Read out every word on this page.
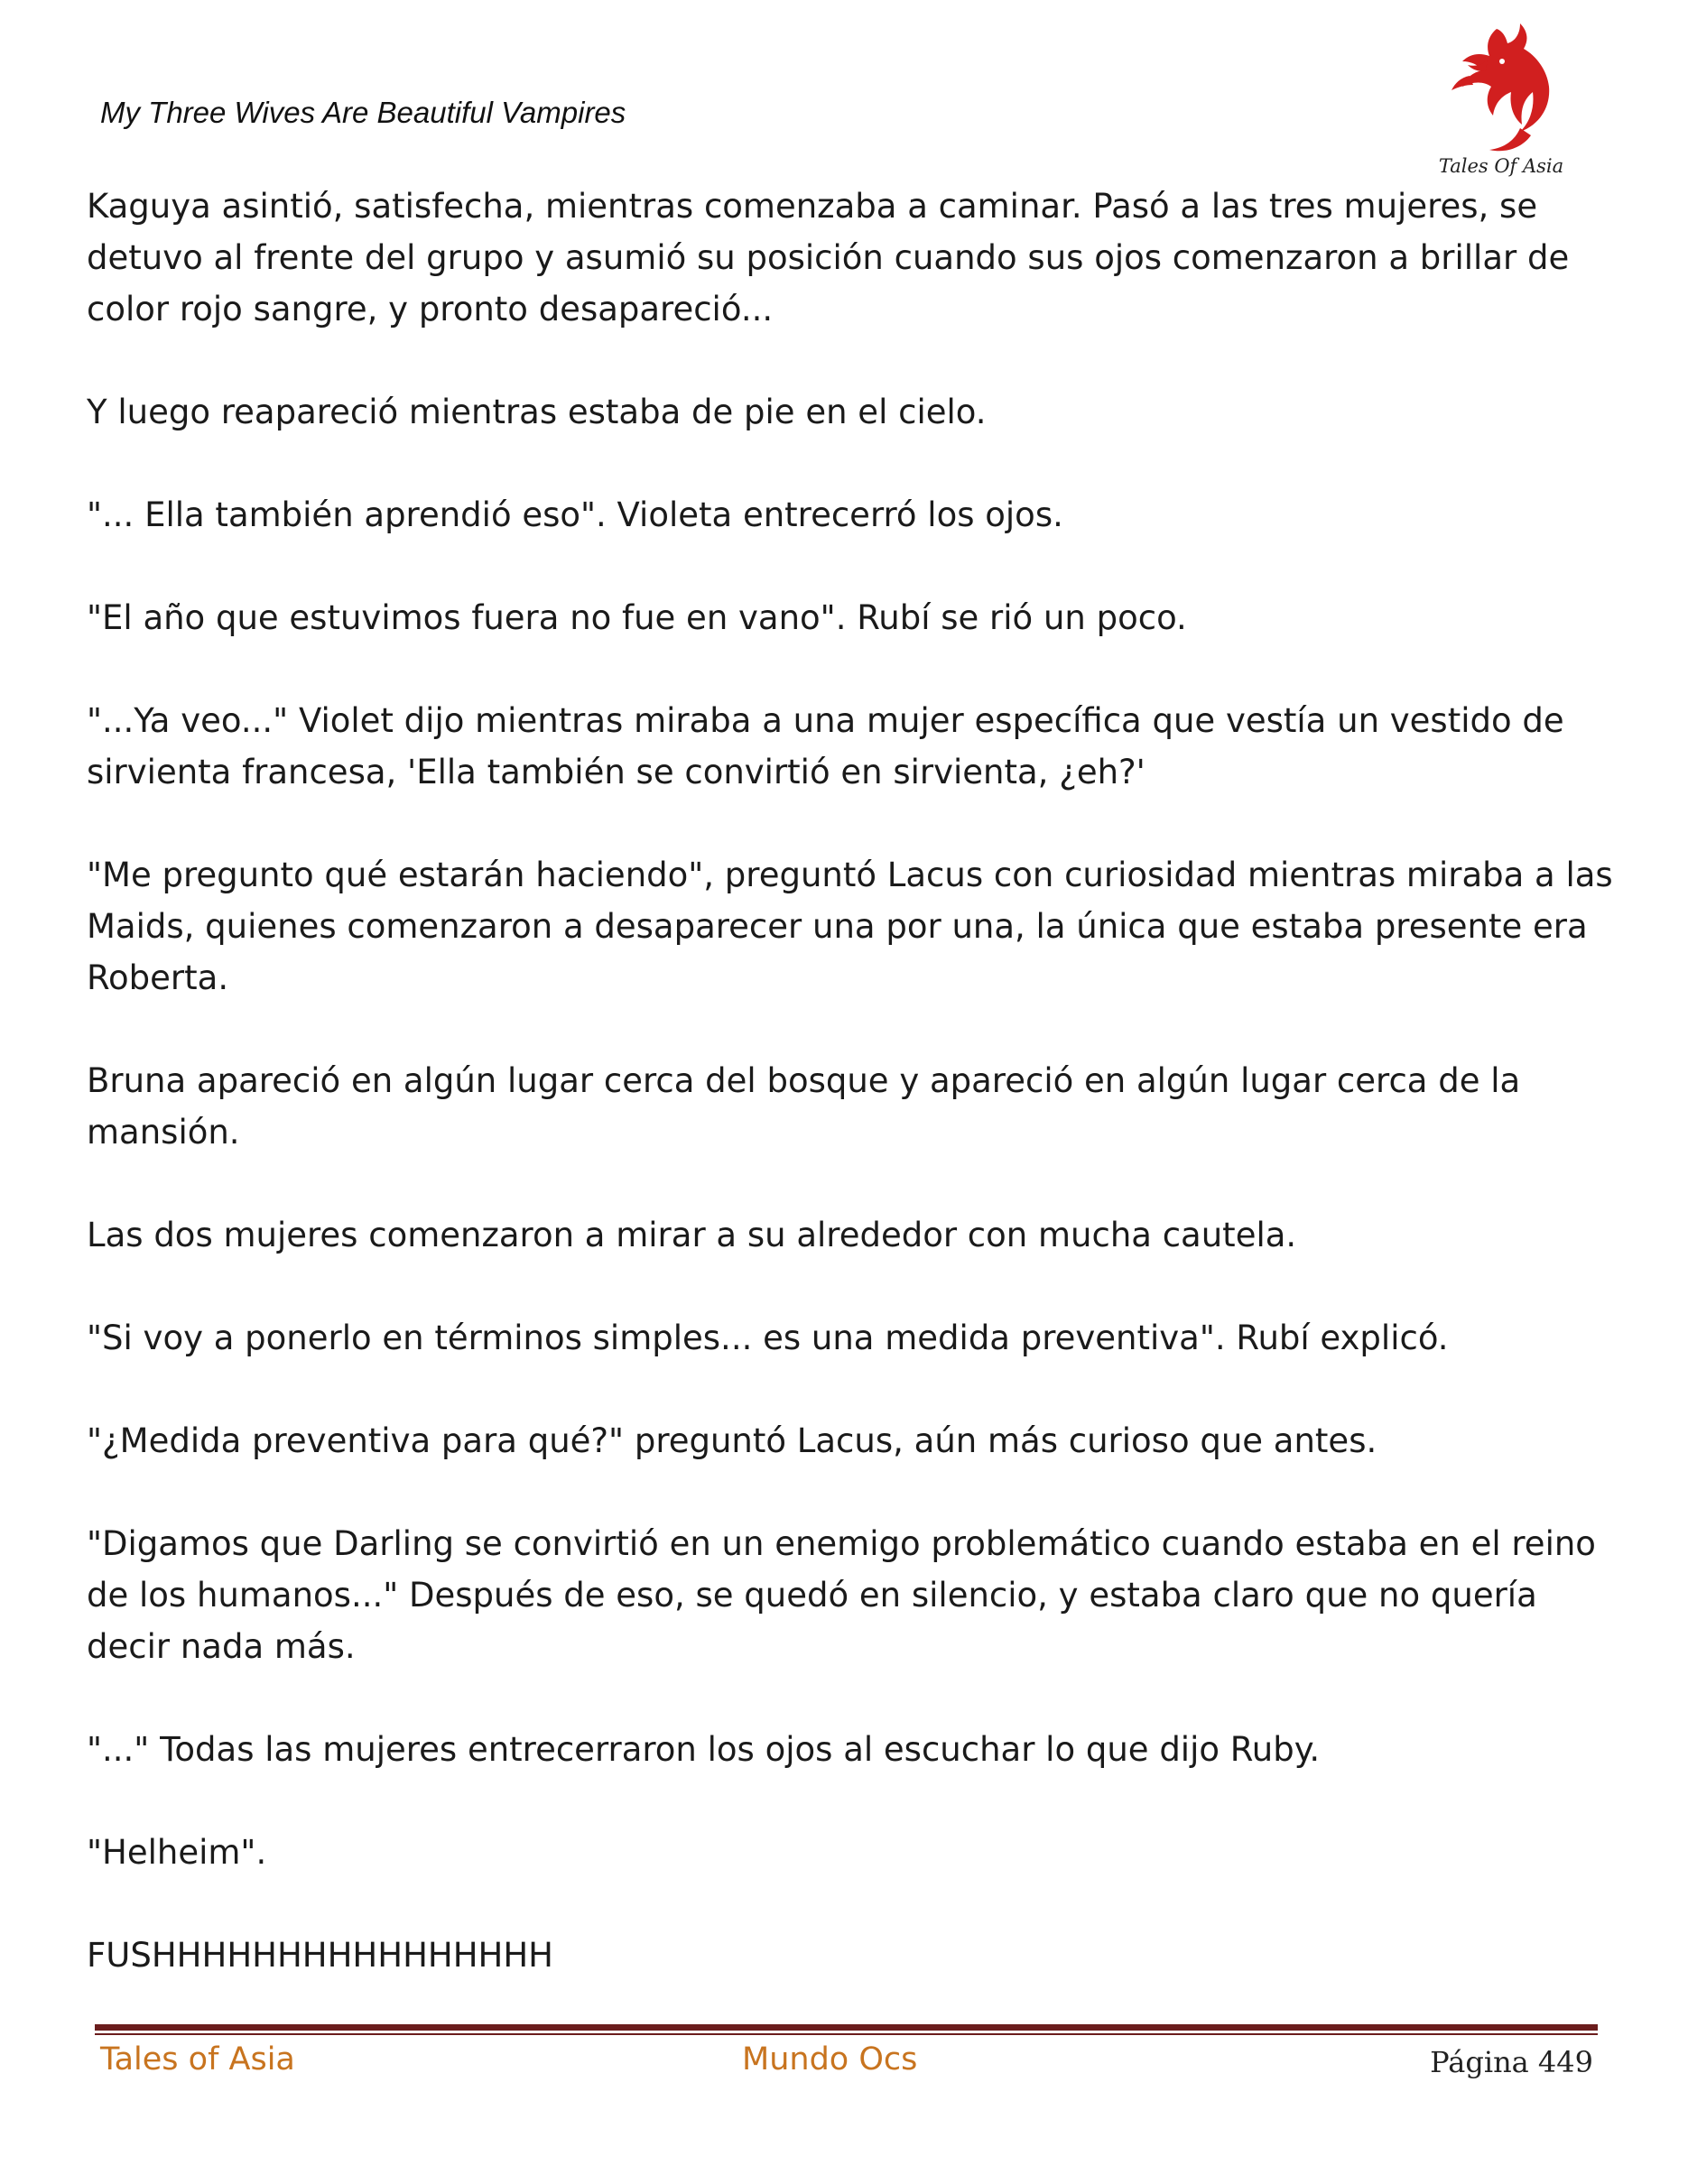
My Three Wives Are Beautiful Vampires
Tales Of Asia

Kaguya asintió, satisfecha, mientras comenzaba a caminar. Pasó a las tres mujeres, se detuvo al frente del grupo y asumió su posición cuando sus ojos comenzaron a brillar de color rojo sangre, y pronto desapareció...

Y luego reapareció mientras estaba de pie en el cielo.

"... Ella también aprendió eso". Violeta entrecerró los ojos.

"El año que estuvimos fuera no fue en vano". Rubí se rió un poco.

"...Ya veo..." Violet dijo mientras miraba a una mujer específica que vestía un vestido de sirvienta francesa, 'Ella también se convirtió en sirvienta, ¿eh?'

"Me pregunto qué estarán haciendo", preguntó Lacus con curiosidad mientras miraba a las Maids, quienes comenzaron a desaparecer una por una, la única que estaba presente era Roberta.

Bruna apareció en algún lugar cerca del bosque y apareció en algún lugar cerca de la mansión.

Las dos mujeres comenzaron a mirar a su alrededor con mucha cautela.

"Si voy a ponerlo en términos simples... es una medida preventiva". Rubí explicó.

"¿Medida preventiva para qué?" preguntó Lacus, aún más curioso que antes.

"Digamos que Darling se convirtió en un enemigo problemático cuando estaba en el reino de los humanos..." Después de eso, se quedó en silencio, y estaba claro que no quería decir nada más.

"..." Todas las mujeres entrecerraron los ojos al escuchar lo que dijo Ruby.

"Helheim".

FUSHHHHHHHHHHHHHHHH

Tales of Asia	Mundo Ocs	Página 449
